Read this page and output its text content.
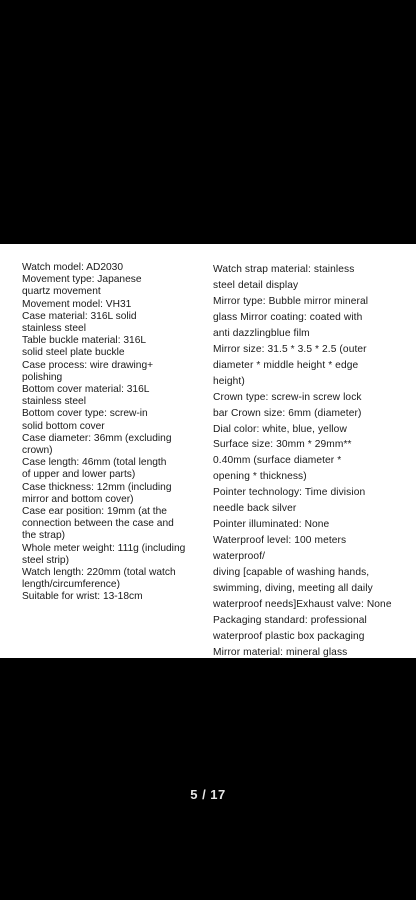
Watch model: AD2030
Movement type: Japanese
quartz movement
Movement model: VH31
Case material: 316L solid
stainless steel
Table buckle material: 316L
solid steel plate buckle
Case process: wire drawing+
polishing
Bottom cover material: 316L
stainless steel
Bottom cover type: screw-in
solid bottom cover
Case diameter: 36mm (excluding
crown)
Case length: 46mm (total length
of upper and lower parts)
Case thickness: 12mm (including
mirror and bottom cover)
Case ear position: 19mm (at the
connection between the case and
the strap)
Whole meter weight: 111g (including
steel strip)
Watch length: 220mm (total watch
length/circumference)
Suitable for wrist: 13-18cm
Watch strap material: stainless
steel detail display
Mirror type: Bubble mirror mineral
glass Mirror coating: coated with
anti dazzlingblue film
Mirror size: 31.5 * 3.5 * 2.5 (outer
diameter * middle height * edge
height)
Crown type: screw-in screw lock
bar Crown size: 6mm (diameter)
Dial color: white, blue, yellow
Surface size: 30mm * 29mm**
0.40mm (surface diameter *
opening * thickness)
Pointer technology: Time division
needle back silver
Pointer illuminated: None
Waterproof level: 100 meters
waterproof/
diving [capable of washing hands,
swimming, diving, meeting all daily
waterproof needs]Exhaust valve: None
Packaging standard: professional
waterproof plastic box packaging
Mirror material: mineral glass
5 / 17
